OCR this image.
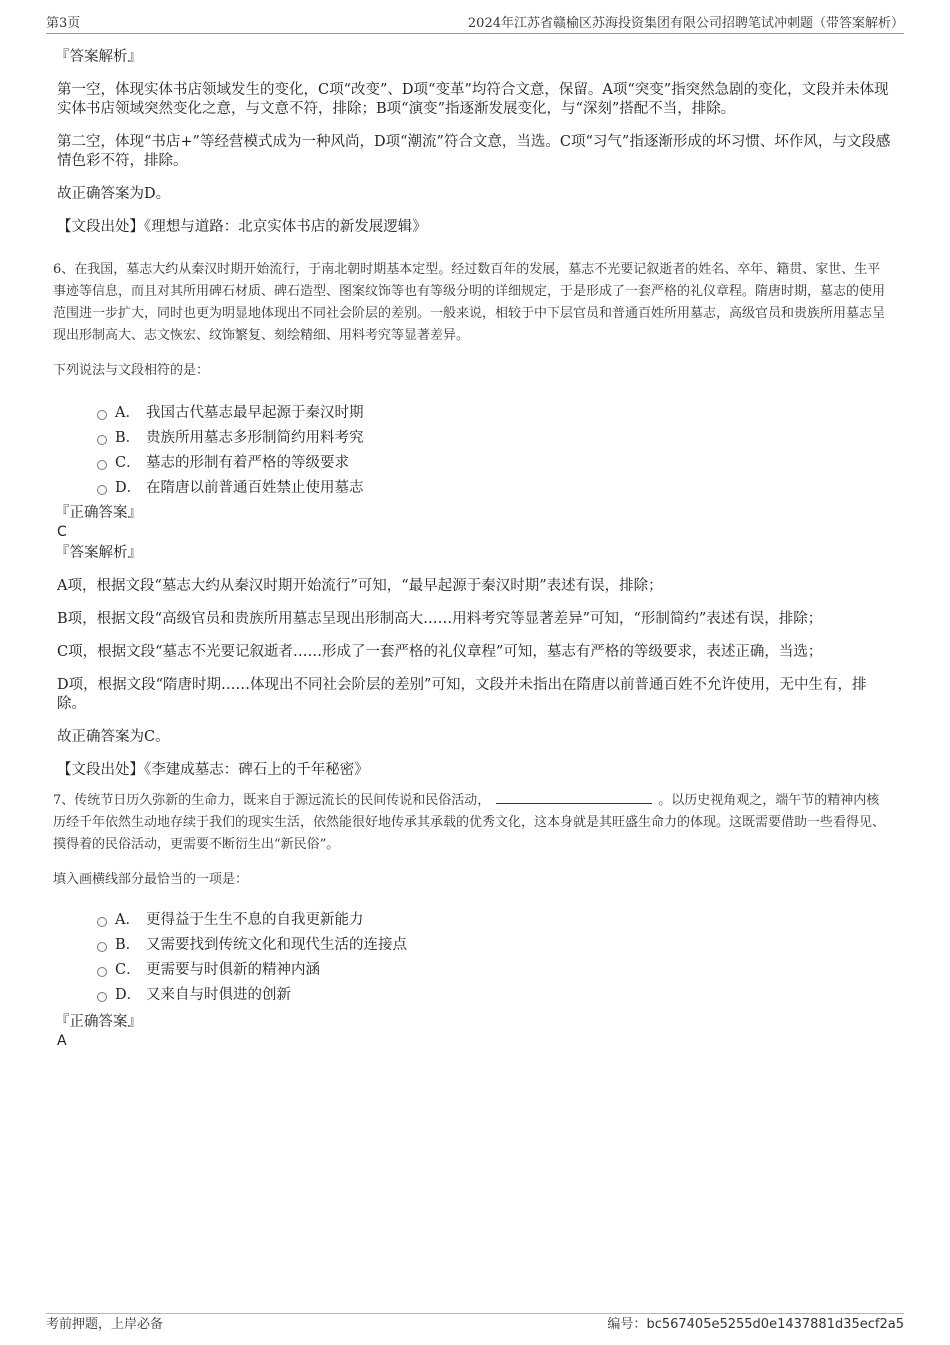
第3页	2024年江苏省赣榆区苏海投资集团有限公司招聘笔试冲刺题（带答案解析）

『答案解析』

第一空，体现实体书店领域发生的变化，C项“改变”、D项“变革”均符合文意，保留。A项“突变”指突然急剧的变化，文段并未体现实体书店领域突然变化之意，与文意不符，排除；B项“演变”指逐渐发展变化，与“深刻”搭配不当，排除。

第二空，体现“书店+”等经营模式成为一种风尚，D项“潮流”符合文意，当选。C项“习气”指逐渐形成的坏习惯、坏作风，与文段感情色彩不符，排除。

故正确答案为D。

【文段出处】《理想与道路：北京实体书店的新发展逻辑》

6、在我国，墓志大约从秦汉时期开始流行，于南北朝时期基本定型。经过数百年的发展，墓志不光要记叙逝者的姓名、卒年、籍贯、家世、生平事迹等信息，而且对其所用碑石材质、碑石造型、图案纹饰等也有等级分明的详细规定，于是形成了一套严格的礼仪章程。隋唐时期，墓志的使用范围进一步扩大，同时也更为明显地体现出不同社会阶层的差别。一般来说，相较于中下层官员和普通百姓所用墓志，高级官员和贵族所用墓志呈现出形制高大、志文恢宏、纹饰繁复、刻绘精细、用料考究等显著差异。

下列说法与文段相符的是：

A． 我国古代墓志最早起源于秦汉时期
B． 贵族所用墓志多形制简约用料考究
C． 墓志的形制有着严格的等级要求
D． 在隋唐以前普通百姓禁止使用墓志

『正确答案』

C

『答案解析』

A项，根据文段“墓志大约从秦汉时期开始流行”可知，“最早起源于秦汉时期”表述有误，排除；

B项，根据文段“高级官员和贵族所用墓志呈现出形制高大……用料考究等显著差异”可知，“形制简约”表述有误，排除；

C项，根据文段“墓志不光要记叙逝者……形成了一套严格的礼仪章程”可知，墓志有严格的等级要求，表述正确，当选；

D项，根据文段“隋唐时期……体现出不同社会阶层的差别”可知，文段并未指出在隋唐以前普通百姓不允许使用，无中生有，排除。

故正确答案为C。

【文段出处】《李建成墓志：碑石上的千年秘密》

7、传统节日历久弥新的生命力，既来自于源远流长的民间传说和民俗活动，	。以历史视角观之，端午节的精神内核历经千年依然生动地存续于我们的现实生活，依然能很好地传承其承载的优秀文化，这本身就是其旺盛生命力的体现。这既需要借助一些看得见、摸得着的民俗活动，更需要不断衍生出“新民俗”。

填入画横线部分最恰当的一项是：

A． 更得益于生生不息的自我更新能力
B． 又需要找到传统文化和现代生活的连接点
C． 更需要与时俱新的精神内涵
D． 又来自与时俱进的创新

『正确答案』

A

考前押题，上岸必备	编号：bc567405e5255d0e1437881d35ecf2a5
